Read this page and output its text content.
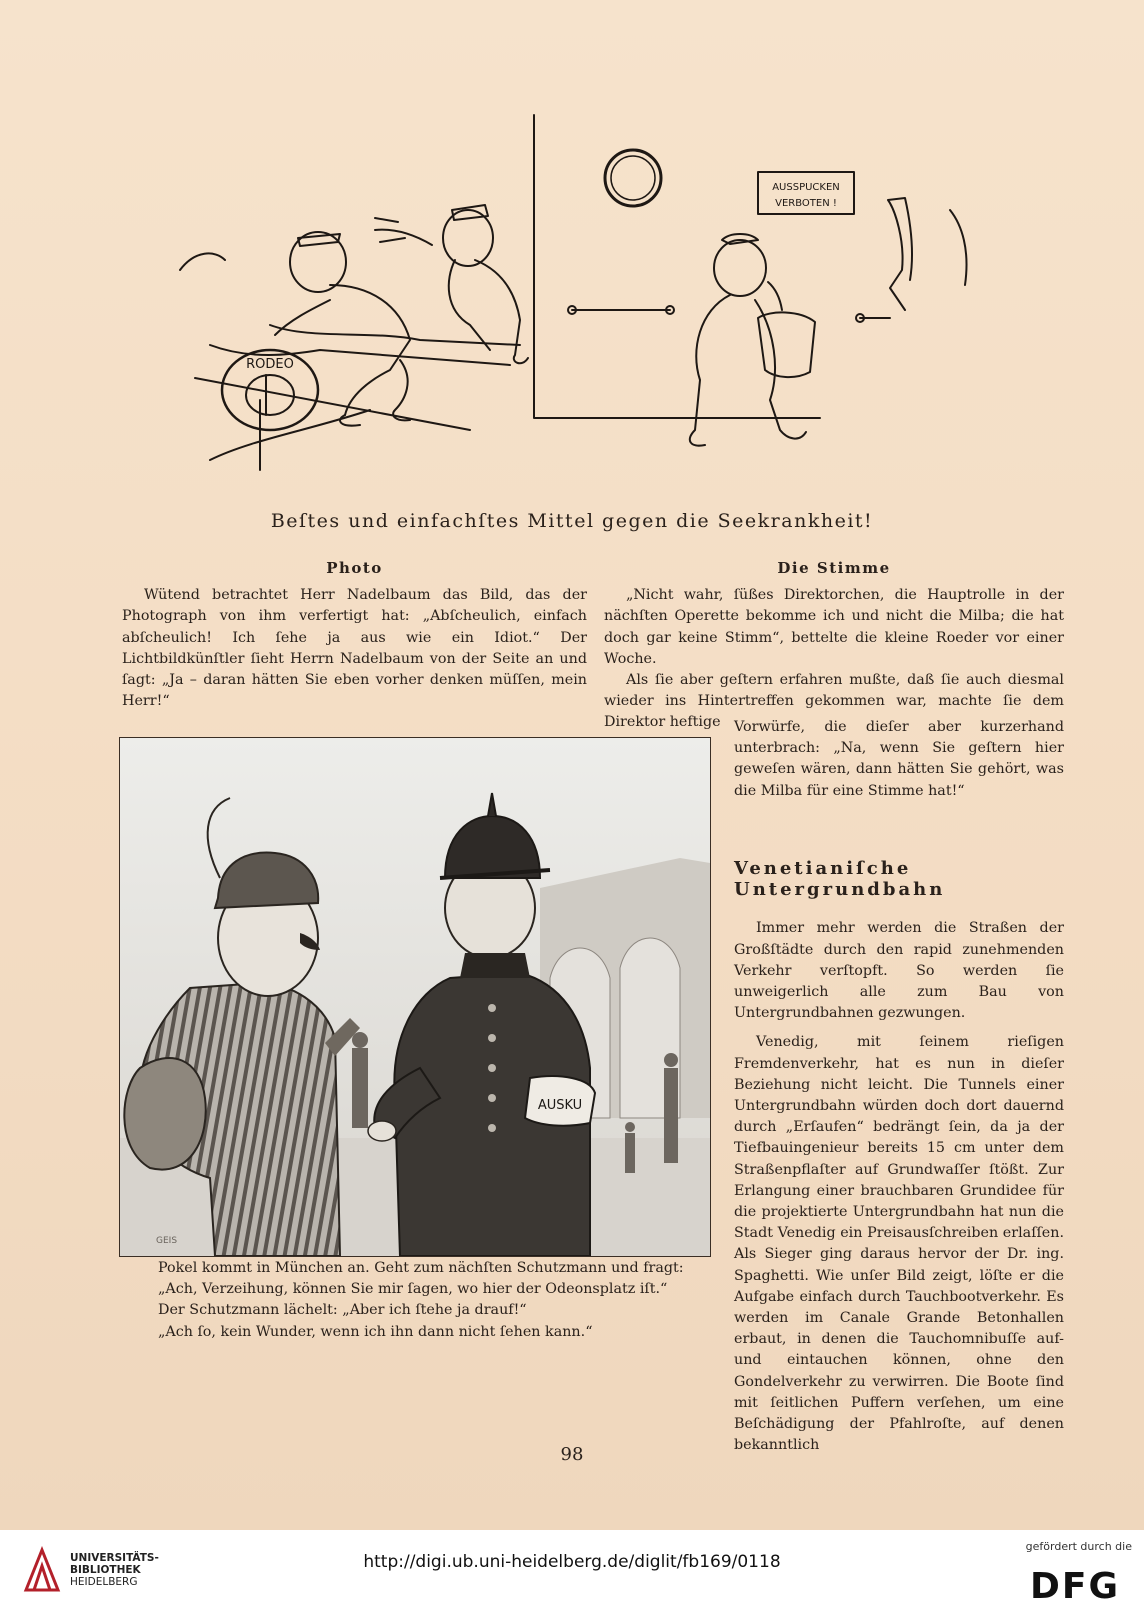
AUSSPUCKEN
VERBOTEN !
RODEO
Beſtes und einfachſtes Mittel gegen die Seekrankheit!
Photo

Wütend betrachtet Herr Nadelbaum das Bild, das der Photograph von ihm verfertigt hat: „Abſcheulich, einfach abſcheulich! Ich ſehe ja aus wie ein Idiot.“ Der Lichtbildkünſtler ſieht Herrn Nadelbaum von der Seite an und ſagt: „Ja – daran hätten Sie eben vorher denken müſſen, mein Herr!“

Die Stimme

„Nicht wahr, ſüßes Direktorchen, die Hauptrolle in der nächſten Operette bekomme ich und nicht die Milba; die hat doch gar keine Stimm“, bettelte die kleine Roeder vor einer Woche.

Als ſie aber geſtern erfahren mußte, daß ſie auch diesmal wieder ins Hintertreffen gekommen war, machte ſie dem Direktor heftige Vorwürfe, die dieſer aber kurzerhand unterbrach: „Na, wenn Sie geſtern hier geweſen wären, dann hätten Sie gehört, was die Milba für eine Stimme hat!“

AUSKU
GEIS
Pokel kommt in München an. Geht zum nächſten Schutzmann und fragt:
„Ach, Verzeihung, können Sie mir ſagen, wo hier der Odeonsplatz iſt.“
Der Schutzmann lächelt: „Aber ich ſtehe ja drauf!“
„Ach ſo, kein Wunder, wenn ich ihn dann nicht ſehen kann.“
Venetianiſche Untergrundbahn

Immer mehr werden die Straßen der Großſtädte durch den rapid zunehmenden Verkehr verſtopft. So werden ſie unweigerlich alle zum Bau von Untergrundbahnen gezwungen.

Venedig, mit ſeinem rieſigen Fremdenverkehr, hat es nun in dieſer Beziehung nicht leicht. Die Tunnels einer Untergrundbahn würden doch dort dauernd durch „Erſaufen“ bedrängt ſein, da ja der Tiefbauingenieur bereits 15 cm unter dem Straßenpflaſter auf Grundwaſſer ſtößt. Zur Erlangung einer brauchbaren Grundidee für die projektierte Untergrundbahn hat nun die Stadt Venedig ein Preisausſchreiben erlaſſen. Als Sieger ging daraus hervor der Dr. ing. Spaghetti. Wie unſer Bild zeigt, löſte er die Aufgabe einfach durch Tauchbootverkehr. Es werden im Canale Grande Betonhallen erbaut, in denen die Tauchomnibuſſe auf- und eintauchen können, ohne den Gondelverkehr zu verwirren. Die Boote ſind mit ſeitlichen Puffern verſehen, um eine Beſchädigung der Pfahlroſte, auf denen bekanntlich

98
UNIVERSITÄTS-
BIBLIOTHEK
HEIDELBERG
http://digi.ub.uni-heidelberg.de/diglit/fb169/0118
gefördert durch die
DFG
